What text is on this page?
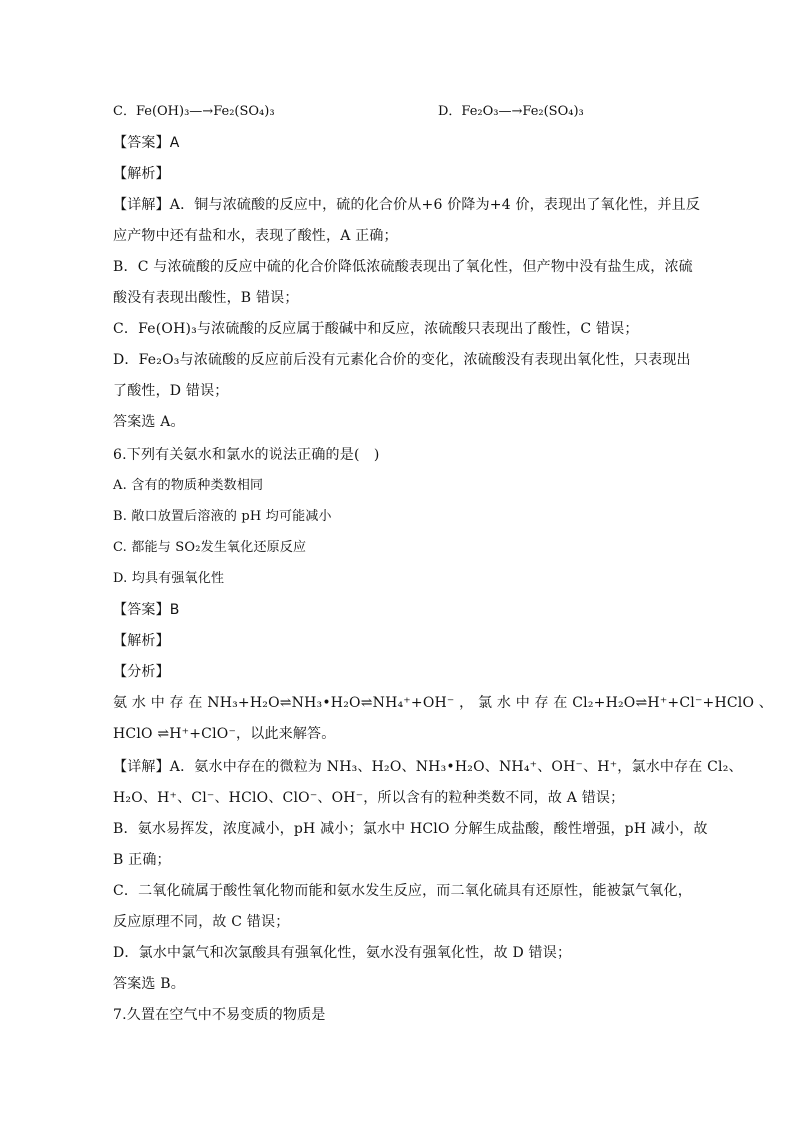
C．Fe(OH)₃—→Fe₂(SO₄)₃	D．Fe₂O₃—→Fe₂(SO₄)₃
【答案】A
【解析】
【详解】A．铜与浓硫酸的反应中，硫的化合价从+6 价降为+4 价，表现出了氧化性，并且反
应产物中还有盐和水，表现了酸性，A 正确；
B．C 与浓硫酸的反应中硫的化合价降低浓硫酸表现出了氧化性，但产物中没有盐生成，浓硫
酸没有表现出酸性，B 错误；
C．Fe(OH)₃与浓硫酸的反应属于酸碱中和反应，浓硫酸只表现出了酸性，C 错误；
D．Fe₂O₃与浓硫酸的反应前后没有元素化合价的变化，浓硫酸没有表现出氧化性，只表现出
了酸性，D 错误；
答案选 A。
6.下列有关氨水和氯水的说法正确的是(　)
A. 含有的物质种类数相同
B. 敞口放置后溶液的 pH 均可能减小
C. 都能与 SO₂发生氧化还原反应
D. 均具有强氧化性
【答案】B
【解析】
【分析】
氨 水 中 存 在 NH₃+H₂O⇌NH₃•H₂O⇌NH₄⁺+OH⁻ ， 氯 水 中 存 在 Cl₂+H₂O⇌H⁺+Cl⁻+HClO 、
HClO ⇌H⁺+ClO⁻，以此来解答。
【详解】A．氨水中存在的微粒为 NH₃、H₂O、NH₃•H₂O、NH₄⁺、OH⁻、H⁺，氯水中存在 Cl₂、
H₂O、H⁺、Cl⁻、HClO、ClO⁻、OH⁻，所以含有的粒种类数不同，故 A 错误；
B．氨水易挥发，浓度减小，pH 减小；氯水中 HClO 分解生成盐酸，酸性增强，pH 减小，故
B 正确；
C．二氧化硫属于酸性氧化物而能和氨水发生反应，而二氧化硫具有还原性，能被氯气氧化，
反应原理不同，故 C 错误；
D．氯水中氯气和次氯酸具有强氧化性，氨水没有强氧化性，故 D 错误；
答案选 B。
7.久置在空气中不易变质的物质是
